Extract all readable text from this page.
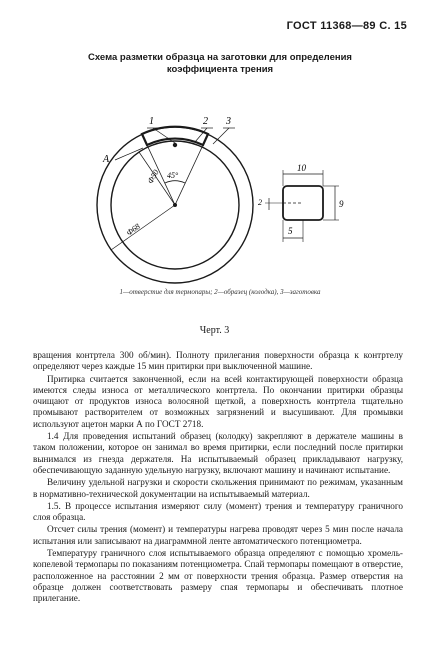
ГОСТ 11368—89 С. 15
Схема разметки образца на заготовки для определения
коэффициента трения
1	2 3
A
Ф50
Ф68
45°
10
9
2
5
1—отверстие для термопары; 2—образец (колодка), 3—заготовка
Черт. 3

вращения контртела 300 об/мин). Полноту прилегания поверхности образца к контртелу определяют через каждые 15 мин притирки при выключенной машине.

Притирка считается законченной, если на всей контактирующей поверхности образца имеются следы износа от металлического контртела. По окончании притирки образцы очищают от продуктов износа волосяной щеткой, а поверхность контртела тщательно промывают растворителем от возможных загрязнений и высушивают. Для промывки используют ацетон марки А по ГОСТ 2718.

1.4 Для проведения испытаний образец (колодку) закрепляют в держателе машины в таком положении, которое он занимал во время притирки, если последний после притирки вынимался из гнезда держателя. На испытываемый образец прикладывают нагрузку, обеспечивающую заданную удельную нагрузку, включают машину и начинают испытание.

Величину удельной нагрузки и скорости скольжения принимают по режимам, указанным в нормативно-технической документации на испытываемый материал.

1.5. В процессе испытания измеряют силу (момент) трения и температуру граничного слоя образца.

Отсчет силы трения (момент) и температуры нагрева проводят через 5 мин после начала испытания или записывают на диаграммной ленте автоматического потенциометра.

Температуру граничного слоя испытываемого образца определяют с помощью хромель-копелевой термопары по показаниям потенциометра. Спай термопары помещают в отверстие, расположенное на расстоянии 2 мм от поверхности трения образца. Размер отверстия на образце должен соответствовать размеру спая термопары и обеспечивать плотное прилегание.
